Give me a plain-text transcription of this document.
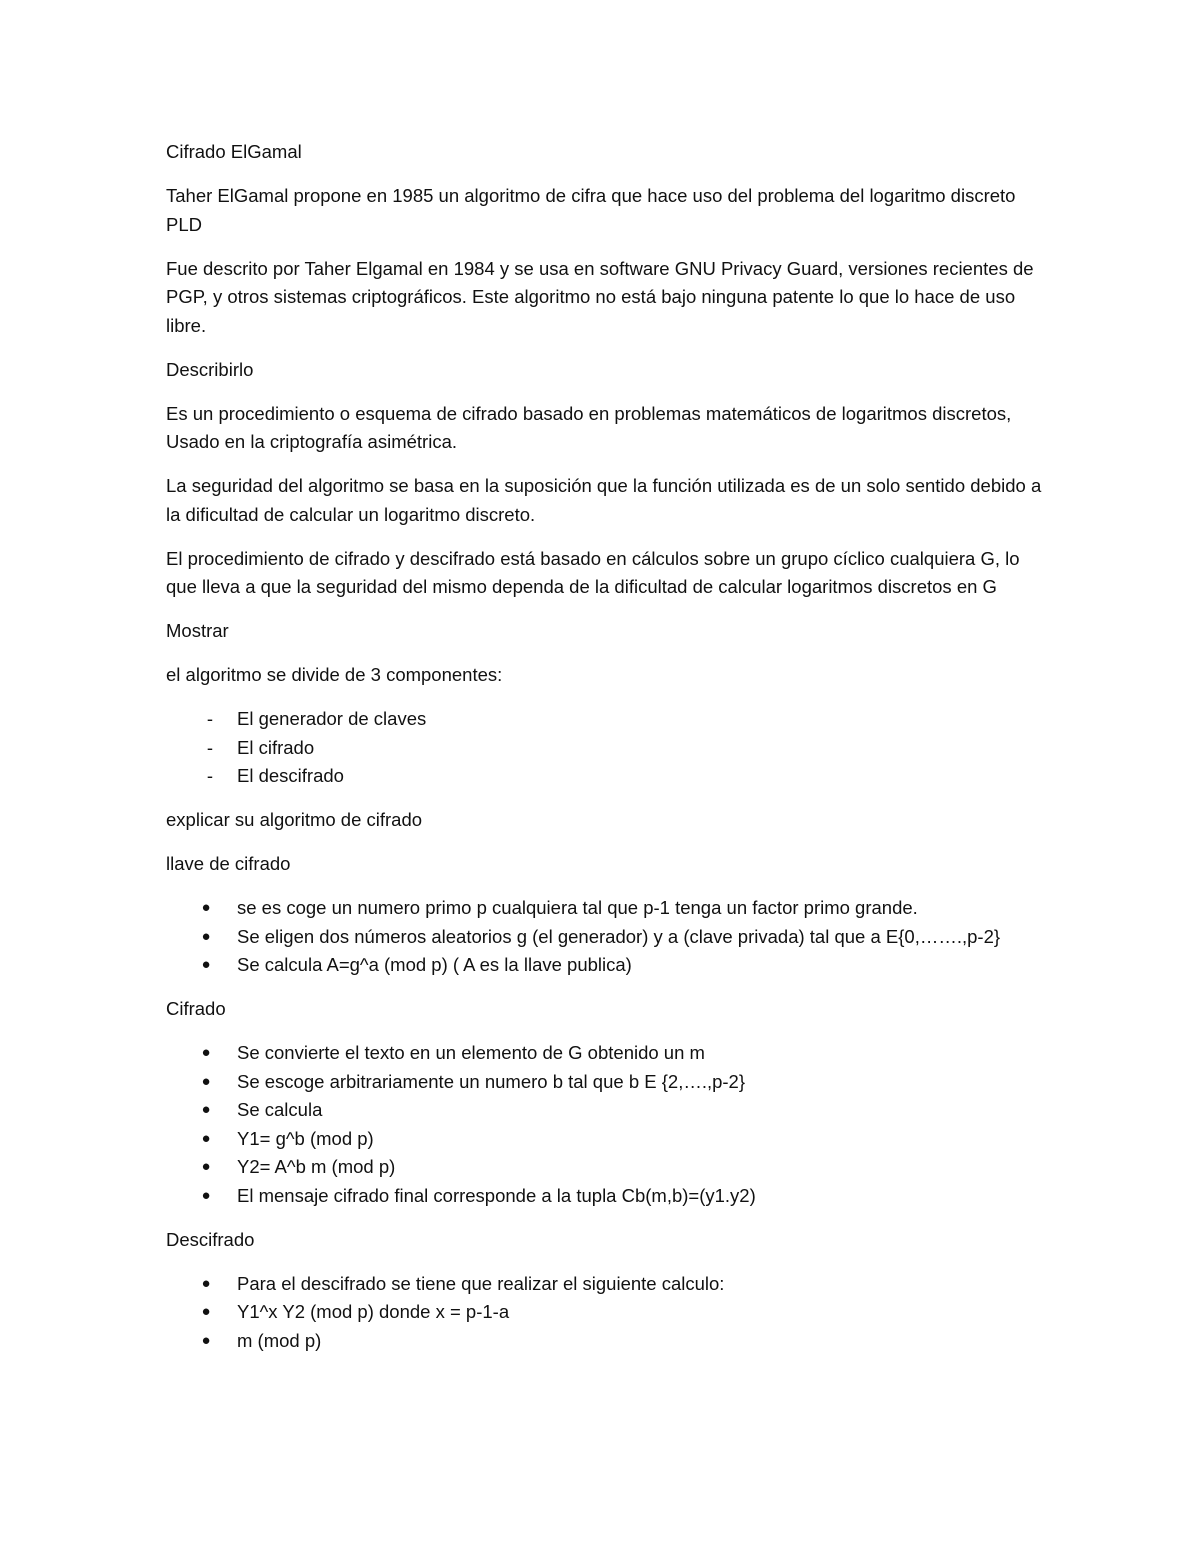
Cifrado ElGamal

Taher ElGamal propone en 1985 un algoritmo de cifra que hace uso del problema del logaritmo discreto PLD

Fue descrito por Taher Elgamal en 1984 y se usa en software GNU Privacy Guard, versiones recientes de PGP, y otros sistemas criptográficos. Este algoritmo no está bajo ninguna patente lo que lo hace de uso libre.

Describirlo

Es un procedimiento o esquema de cifrado basado en problemas matemáticos de logaritmos discretos, Usado en la criptografía asimétrica.

La seguridad del algoritmo se basa en la suposición que la función utilizada es de un solo sentido debido a la dificultad de calcular un logaritmo discreto.

El procedimiento de cifrado y descifrado está basado en cálculos sobre un grupo cíclico cualquiera G, lo que lleva a que la seguridad del mismo dependa de la dificultad de calcular logaritmos discretos en G

Mostrar

el algoritmo se divide de 3 componentes:

-	El generador de claves
-	El cifrado
-	El descifrado

explicar su algoritmo de cifrado

llave de cifrado

● se es coge un numero primo p cualquiera tal que p-1 tenga un factor primo grande.
● Se eligen dos números aleatorios g (el generador) y a (clave privada) tal que a E{0,…….,p-2}
● Se calcula A=g^a (mod p) ( A es la llave publica)

Cifrado

● Se convierte el texto en un elemento de G obtenido un m
● Se escoge arbitrariamente un numero b tal que b E {2,….,p-2}
● Se calcula
● Y1= g^b (mod p)
● Y2= A^b m (mod p)
● El mensaje cifrado final corresponde a la tupla Cb(m,b)=(y1.y2)

Descifrado

● Para el descifrado se tiene que realizar el siguiente calculo:
● Y1^x Y2 (mod p) donde x = p-1-a
● m (mod p)
